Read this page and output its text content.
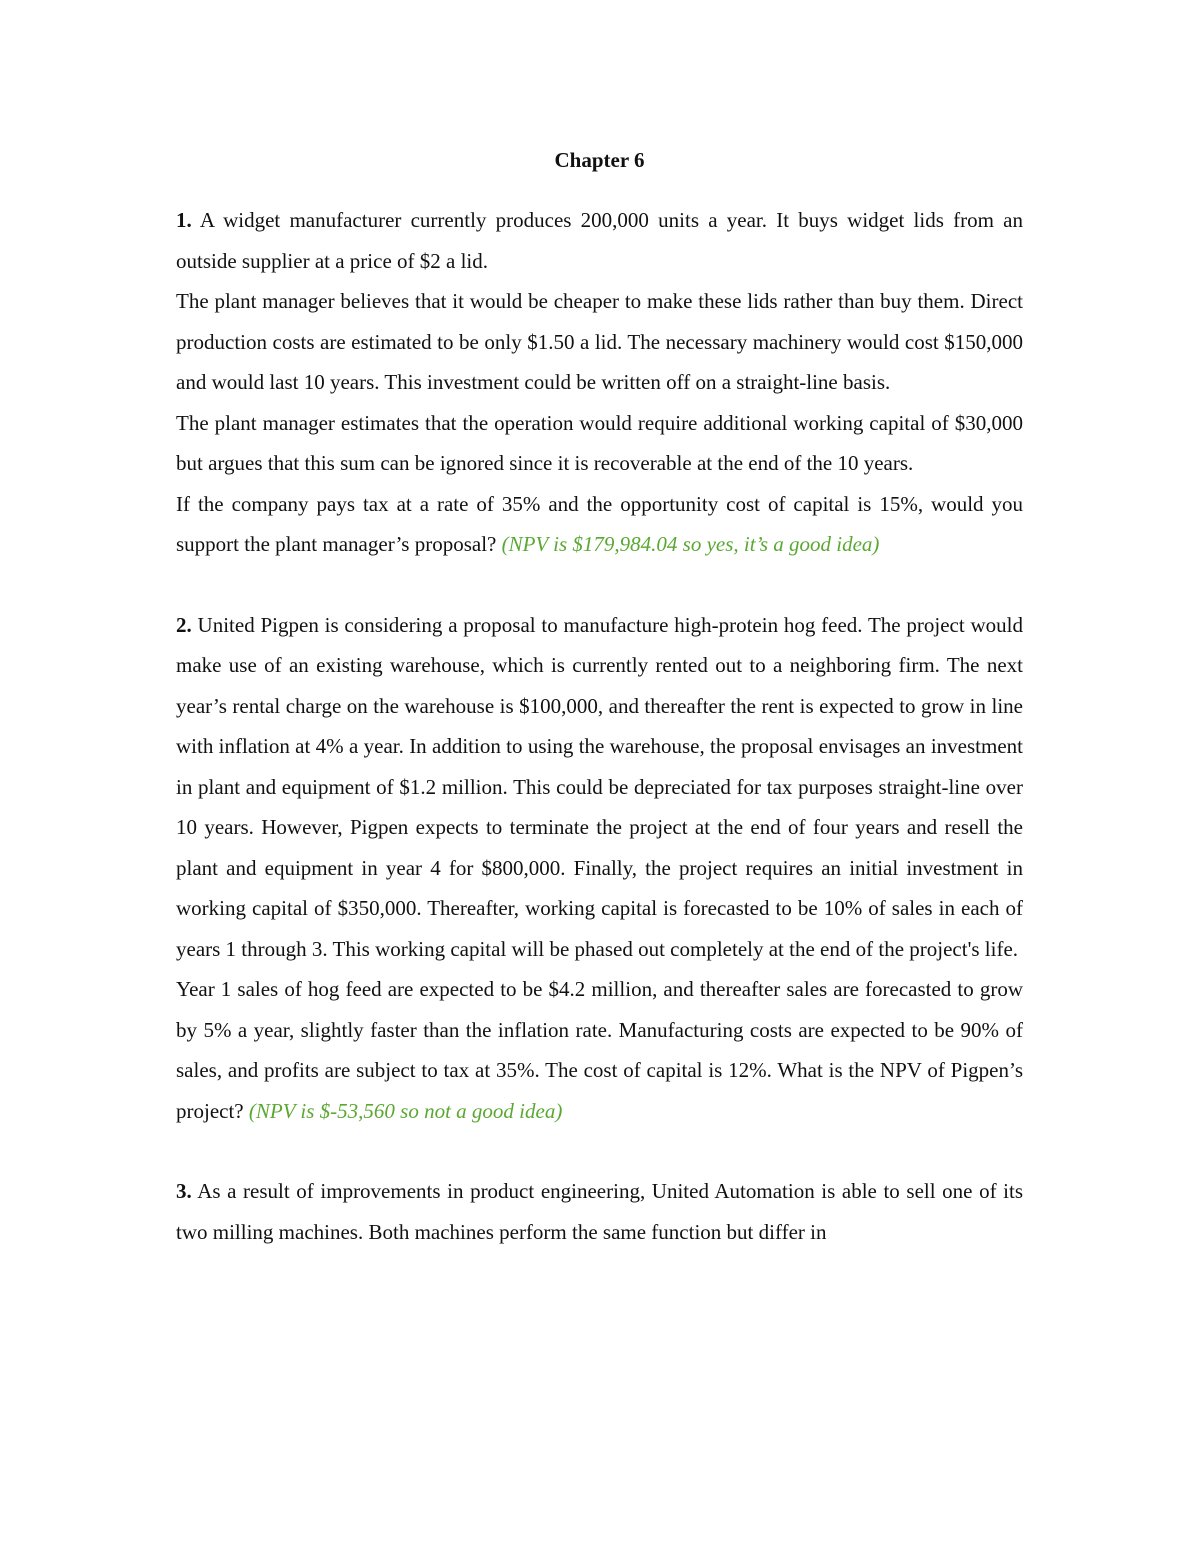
Chapter 6

1. A widget manufacturer currently produces 200,000 units a year. It buys widget lids from an outside supplier at a price of $2 a lid.

The plant manager believes that it would be cheaper to make these lids rather than buy them. Direct production costs are estimated to be only $1.50 a lid. The necessary machinery would cost $150,000 and would last 10 years. This investment could be written off on a straight-line basis.

The plant manager estimates that the operation would require additional working capital of $30,000 but argues that this sum can be ignored since it is recoverable at the end of the 10 years.

If the company pays tax at a rate of 35% and the opportunity cost of capital is 15%, would you support the plant manager’s proposal? (NPV is $179,984.04 so yes, it’s a good idea)

2. United Pigpen is considering a proposal to manufacture high-protein hog feed. The project would make use of an existing warehouse, which is currently rented out to a neighboring firm. The next year’s rental charge on the warehouse is $100,000, and thereafter the rent is expected to grow in line with inflation at 4% a year. In addition to using the warehouse, the proposal envisages an investment in plant and equipment of $1.2 million. This could be depreciated for tax purposes straight-line over 10 years. However, Pigpen expects to terminate the project at the end of four years and resell the plant and equipment in year 4 for $800,000. Finally, the project requires an initial investment in working capital of $350,000. Thereafter, working capital is forecasted to be 10% of sales in each of years 1 through 3. This working capital will be phased out completely at the end of the project's life.

Year 1 sales of hog feed are expected to be $4.2 million, and thereafter sales are forecasted to grow by 5% a year, slightly faster than the inflation rate. Manufacturing costs are expected to be 90% of sales, and profits are subject to tax at 35%. The cost of capital is 12%. What is the NPV of Pigpen’s project? (NPV is $-53,560 so not a good idea)

3. As a result of improvements in product engineering, United Automation is able to sell one of its two milling machines. Both machines perform the same function but differ in
